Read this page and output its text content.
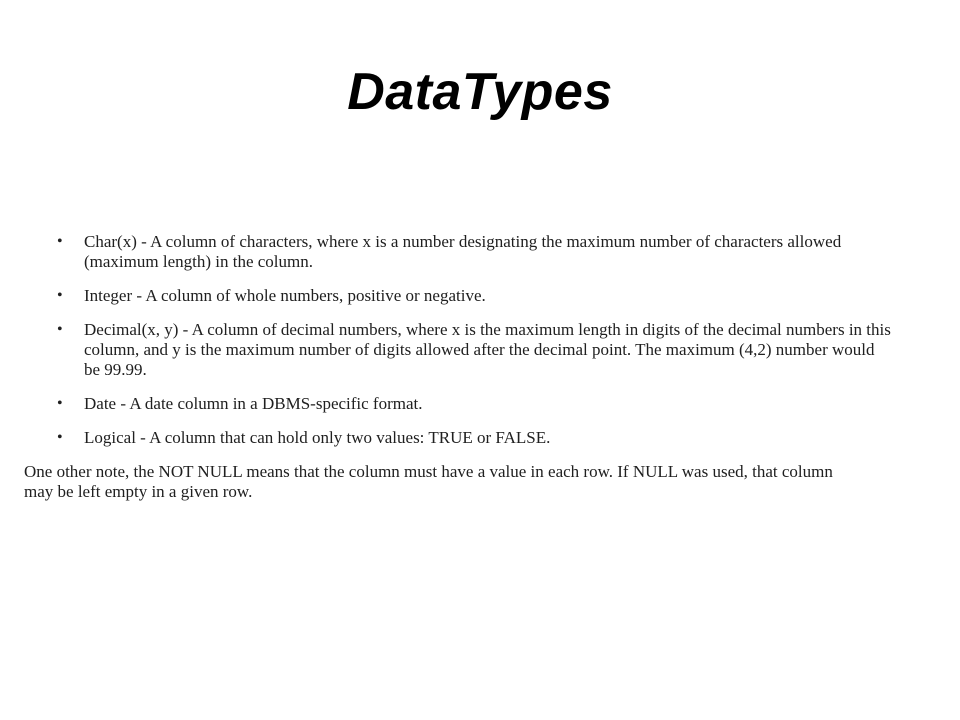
DataTypes
•	Char(x) - A column of characters, where x is a number designating the maximum number of characters allowed (maximum length) in the column.
•	Integer - A column of whole numbers, positive or negative.
•	Decimal(x, y) - A column of decimal numbers, where x is the maximum length in digits of the decimal numbers in this column, and y is the maximum number of digits allowed after the decimal point. The maximum (4,2) number would be 99.99.
•	Date - A date column in a DBMS-specific format.
•	Logical - A column that can hold only two values: TRUE or FALSE.
One other note, the NOT NULL means that the column must have a value in each row. If NULL was used, that column may be left empty in a given row.
